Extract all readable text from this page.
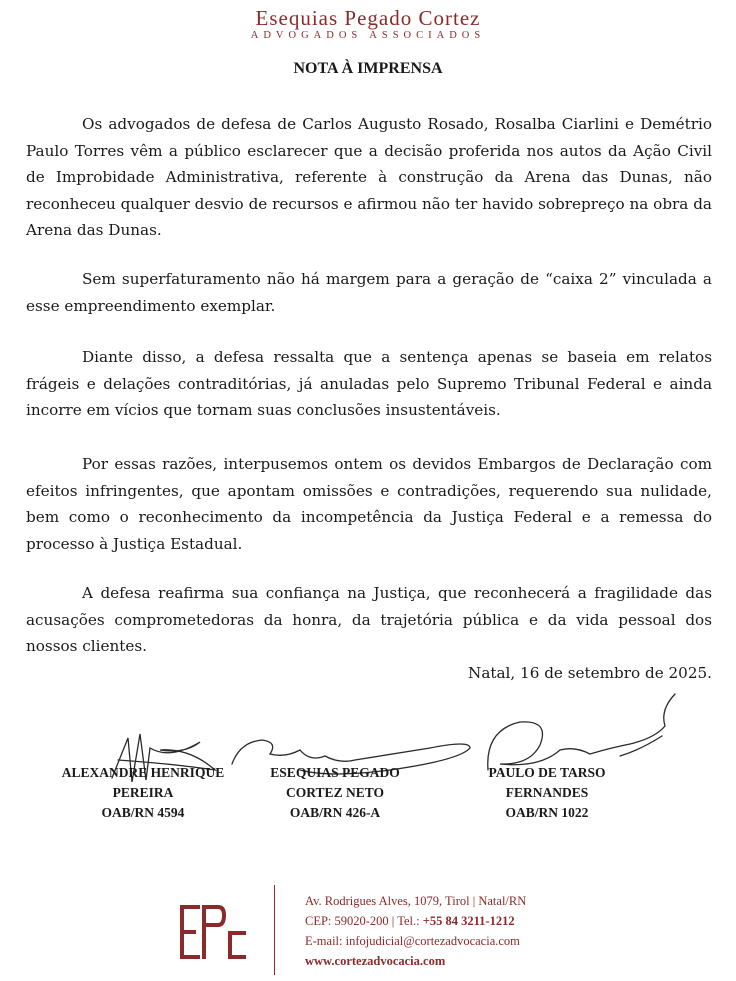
Esequias Pegado Cortez
ADVOGADOS ASSOCIADOS
NOTA À IMPRENSA

Os advogados de defesa de Carlos Augusto Rosado, Rosalba Ciarlini e Demétrio Paulo Torres vêm a público esclarecer que a decisão proferida nos autos da Ação Civil de Improbidade Administrativa, referente à construção da Arena das Dunas, não reconheceu qualquer desvio de recursos e afirmou não ter havido sobrepreço na obra da Arena das Dunas.

Sem superfaturamento não há margem para a geração de “caixa 2” vinculada a esse empreendimento exemplar.

Diante disso, a defesa ressalta que a sentença apenas se baseia em relatos frágeis e delações contraditórias, já anuladas pelo Supremo Tribunal Federal e ainda incorre em vícios que tornam suas conclusões insustentáveis.

Por essas razões, interpusemos ontem os devidos Embargos de Declaração com efeitos infringentes, que apontam omissões e contradições, requerendo sua nulidade, bem como o reconhecimento da incompetência da Justiça Federal e a remessa do processo à Justiça Estadual.

A defesa reafirma sua confiança na Justiça, que reconhecerá a fragilidade das acusações comprometedoras da honra, da trajetória pública e da vida pessoal dos nossos clientes.

Natal, 16 de setembro de 2025.
ALEXANDRE HENRIQUE
PEREIRA
OAB/RN 4594
ESEQUIAS PEGADO
CORTEZ NETO
OAB/RN 426-A
PAULO DE TARSO
FERNANDES
OAB/RN 1022
Av. Rodrigues Alves, 1079, Tirol | Natal/RN
CEP: 59020-200 | Tel.: +55 84 3211-1212
E-mail: infojudicial@cortezadvocacia.com
www.cortezadvocacia.com
